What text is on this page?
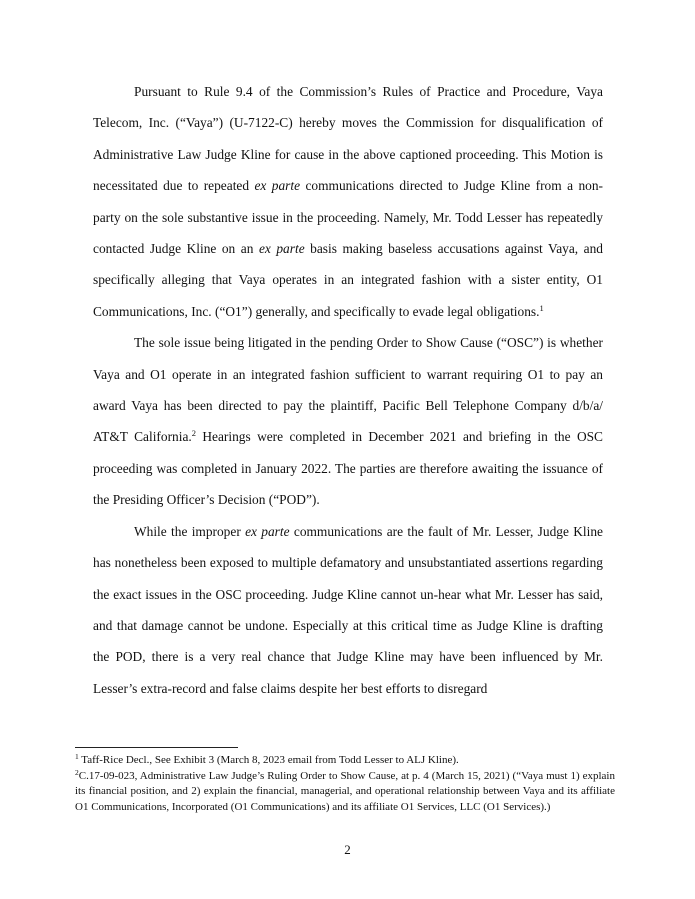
Pursuant to Rule 9.4 of the Commission’s Rules of Practice and Procedure, Vaya Telecom, Inc. (“Vaya”) (U-7122-C) hereby moves the Commission for disqualification of Administrative Law Judge Kline for cause in the above captioned proceeding. This Motion is necessitated due to repeated ex parte communications directed to Judge Kline from a non-party on the sole substantive issue in the proceeding. Namely, Mr. Todd Lesser has repeatedly contacted Judge Kline on an ex parte basis making baseless accusations against Vaya, and specifically alleging that Vaya operates in an integrated fashion with a sister entity, O1 Communications, Inc. (“O1”) generally, and specifically to evade legal obligations.$^1$

The sole issue being litigated in the pending Order to Show Cause (“OSC”) is whether Vaya and O1 operate in an integrated fashion sufficient to warrant requiring O1 to pay an award Vaya has been directed to pay the plaintiff, Pacific Bell Telephone Company d/b/a/ AT&T California.$^2$ Hearings were completed in December 2021 and briefing in the OSC proceeding was completed in January 2022. The parties are therefore awaiting the issuance of the Presiding Officer’s Decision (“POD”).

While the improper ex parte communications are the fault of Mr. Lesser, Judge Kline has nonetheless been exposed to multiple defamatory and unsubstantiated assertions regarding the exact issues in the OSC proceeding. Judge Kline cannot un-hear what Mr. Lesser has said, and that damage cannot be undone. Especially at this critical time as Judge Kline is drafting the POD, there is a very real chance that Judge Kline may have been influenced by Mr. Lesser’s extra-record and false claims despite her best efforts to disregard

$^1$ Taff-Rice Decl., See Exhibit 3 (March 8, 2023 email from Todd Lesser to ALJ Kline).
$^2$C.17-09-023, Administrative Law Judge’s Ruling Order to Show Cause, at p. 4 (March 15, 2021) (“Vaya must 1) explain its financial position, and 2) explain the financial, managerial, and operational relationship between Vaya and its affiliate O1 Communications, Incorporated (O1 Communications) and its affiliate O1 Services, LLC (O1 Services).)
2
